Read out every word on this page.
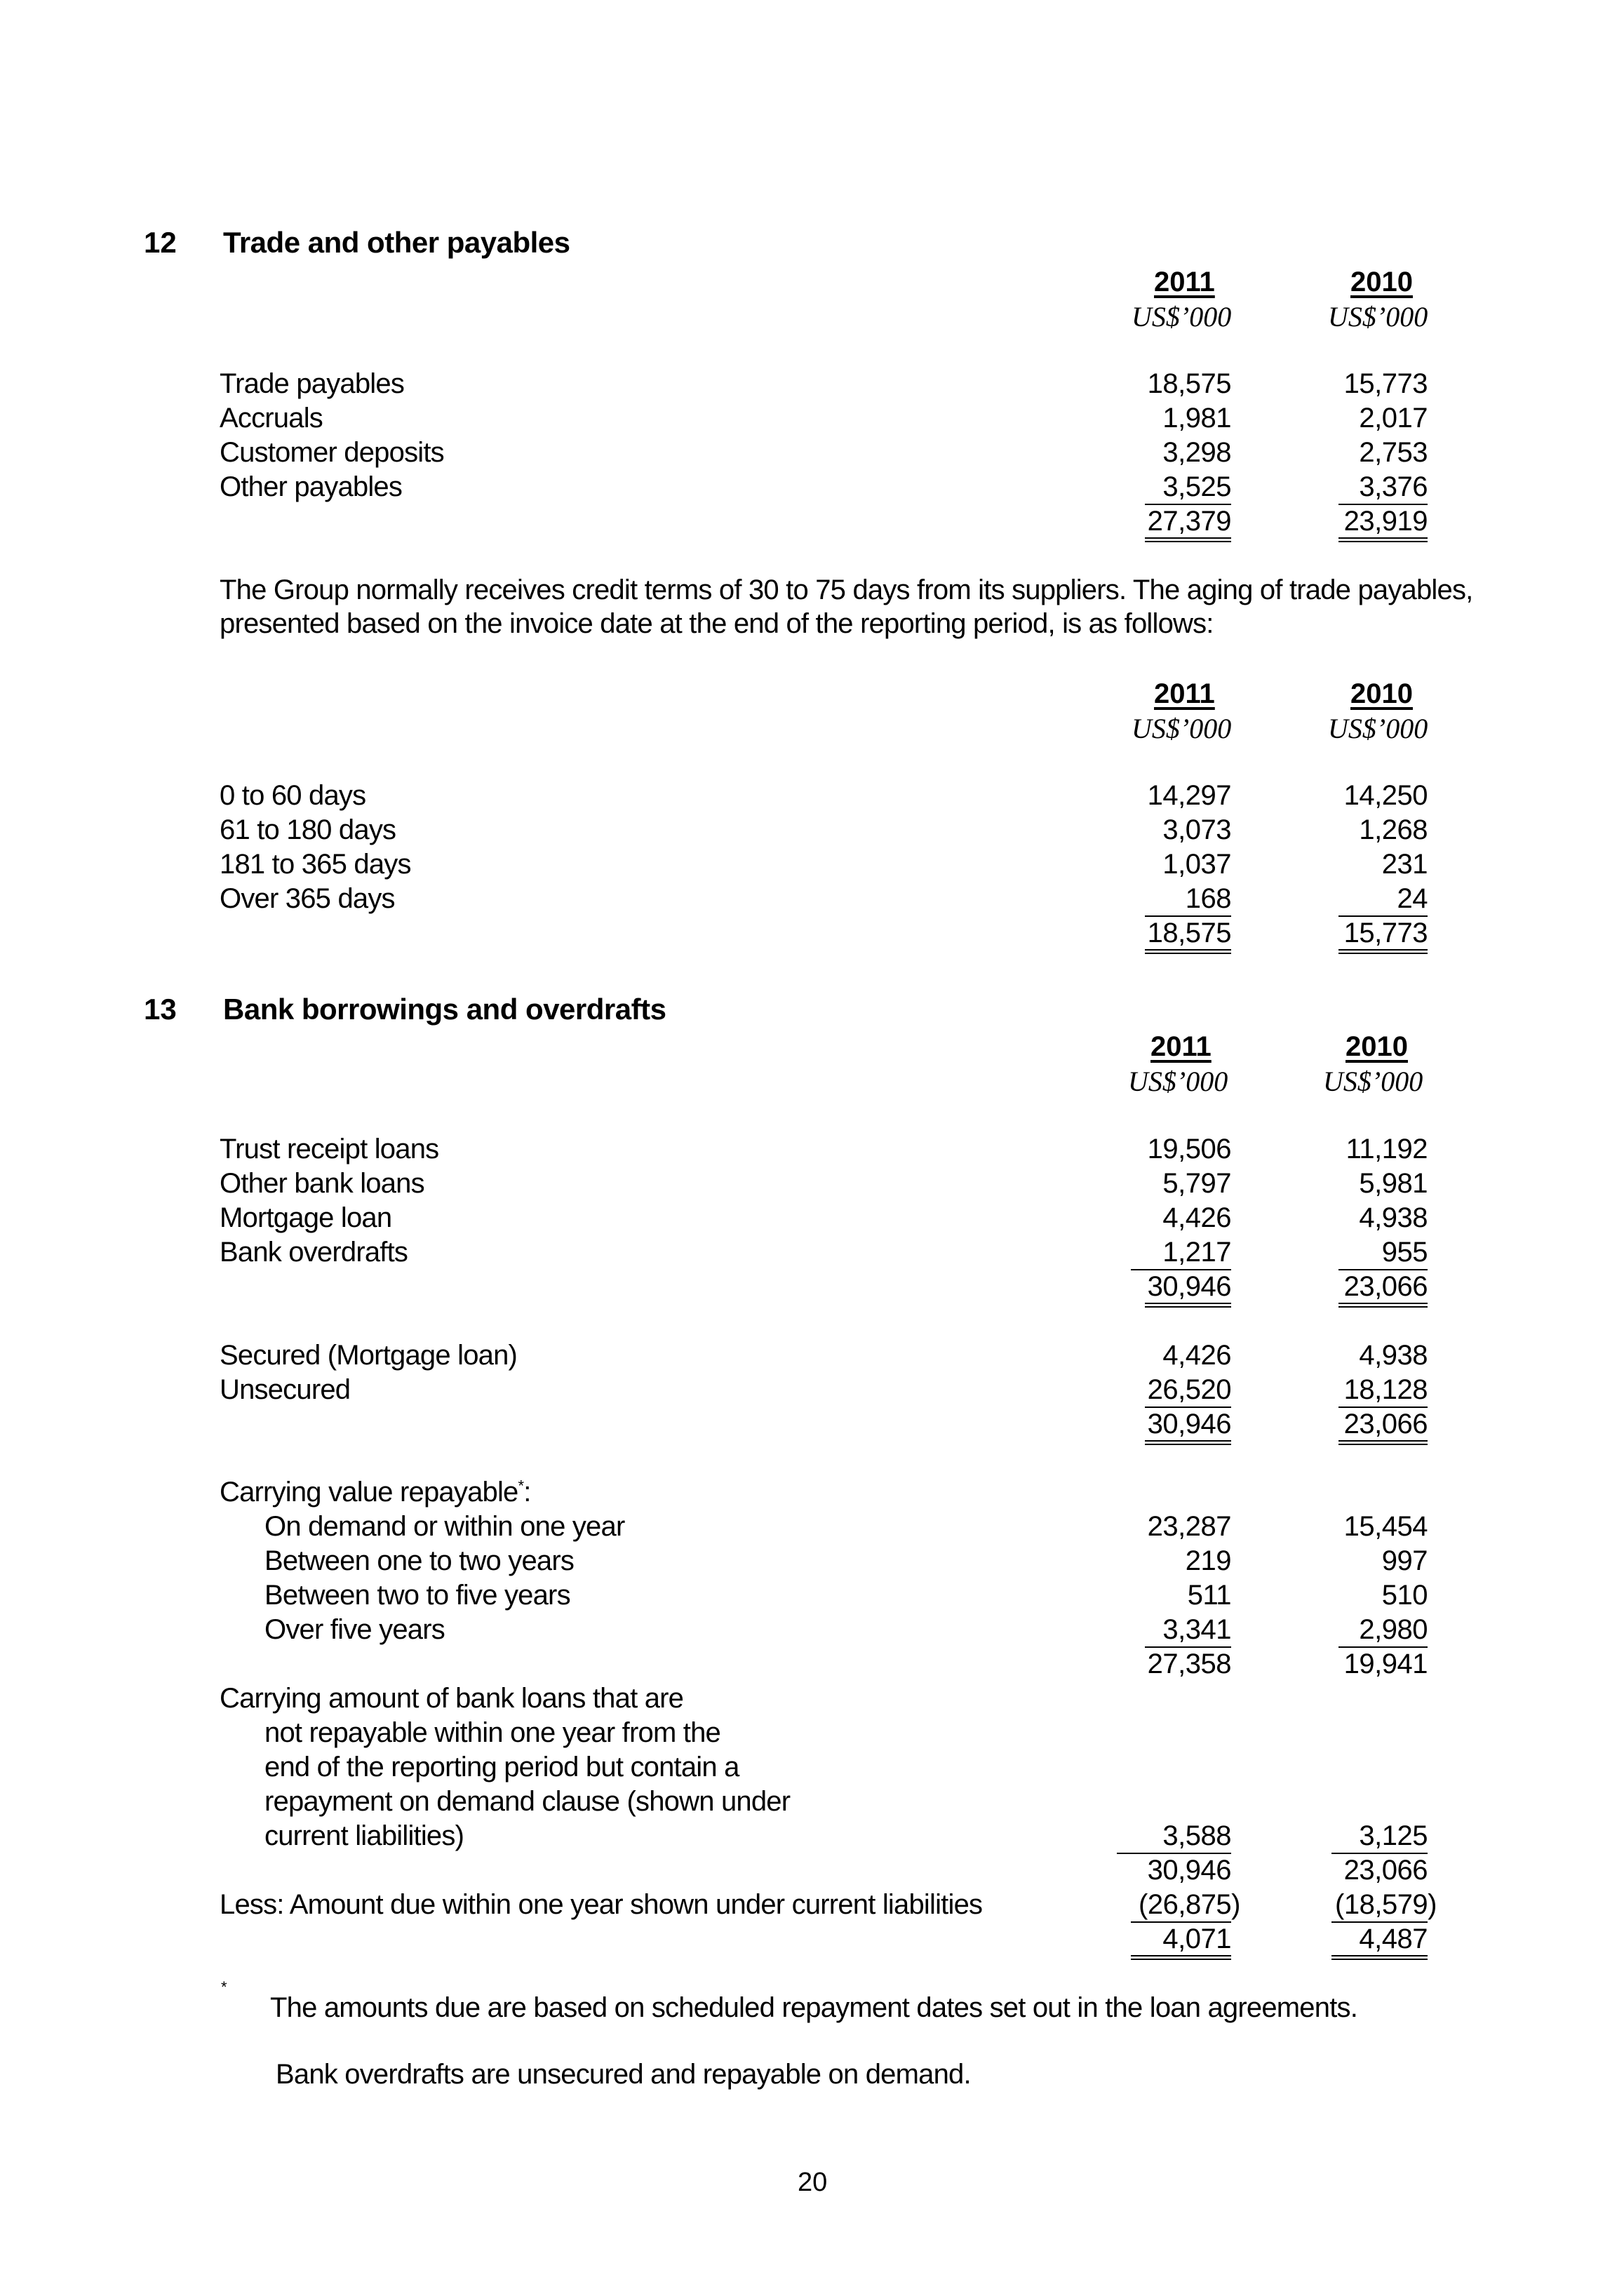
12 Trade and other payables
2011	2010
US$’000	US$’000
Trade payables	18,575	15,773
Accruals	1,981	2,017
Customer deposits	3,298	2,753
Other payables	3,525	3,376
27,379	23,919
The Group normally receives credit terms of 30 to 75 days from its suppliers. The aging of trade payables, presented based on the invoice date at the end of the reporting period, is as follows:
2011	2010
US$’000	US$’000
0 to 60 days	14,297	14,250
61 to 180 days	3,073	1,268
181 to 365 days	1,037	231
Over 365 days	168	24
18,575	15,773
13 Bank borrowings and overdrafts
2011	2010
US$’000	US$’000
Trust receipt loans	19,506	11,192
Other bank loans	5,797	5,981
Mortgage loan	4,426	4,938
Bank overdrafts	1,217	955
30,946	23,066
Secured (Mortgage loan)	4,426	4,938
Unsecured	26,520	18,128
30,946	23,066
Carrying value repayable*:
On demand or within one year	23,287	15,454
Between one to two years	219	997
Between two to five years	511	510
Over five years	3,341	2,980
27,358	19,941
Carrying amount of bank loans that are
not repayable within one year from the
end of the reporting period but contain a
repayment on demand clause (shown under
current liabilities)	3,588	3,125
30,946	23,066
Less: Amount due within one year shown under current liabilities	(26,875)	(18,579)
4,071	4,487
*
The amounts due are based on scheduled repayment dates set out in the loan agreements.
Bank overdrafts are unsecured and repayable on demand.
20
